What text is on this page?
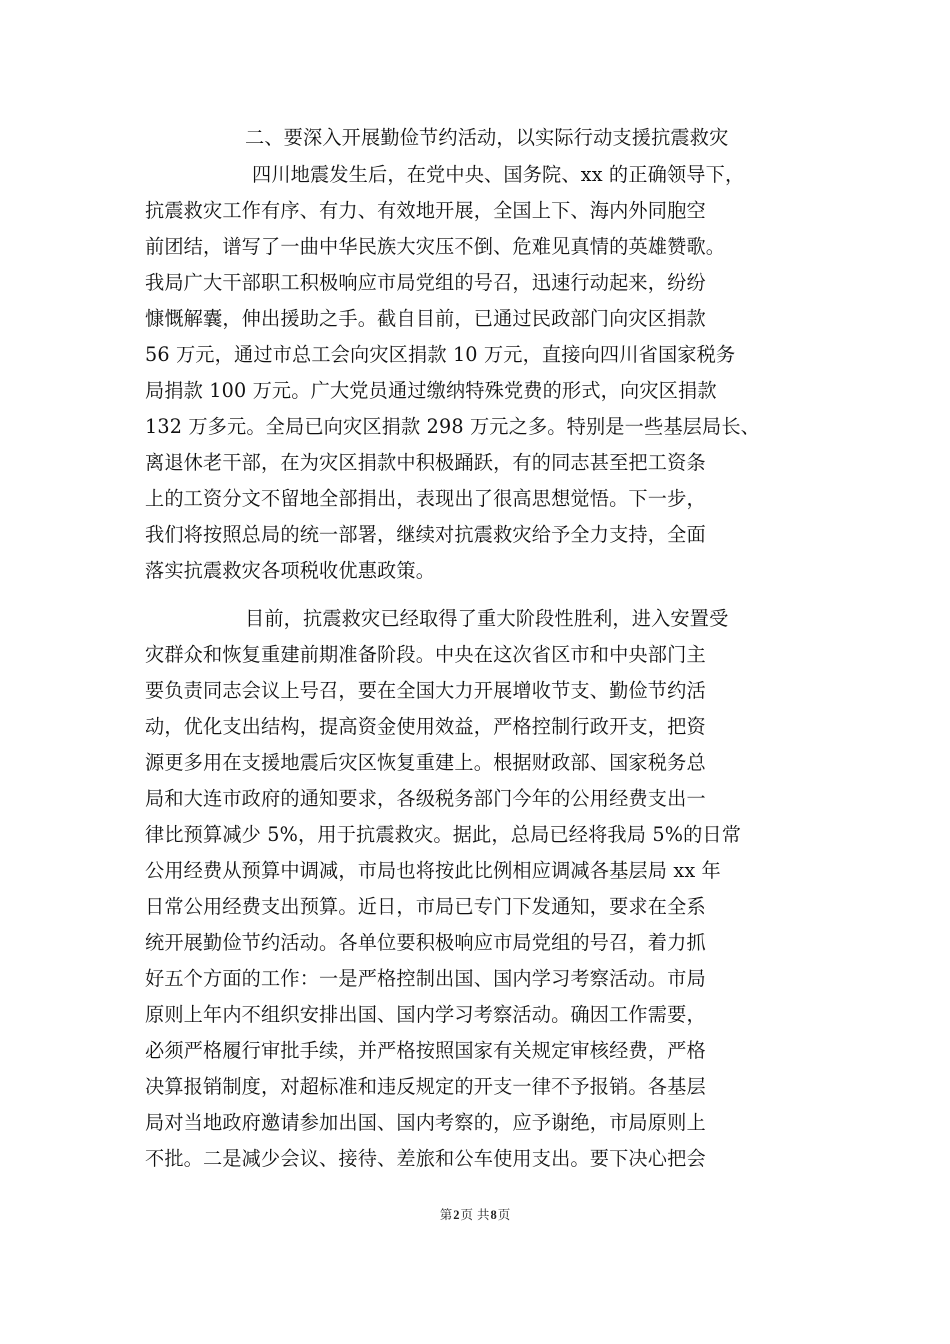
二、要深入开展勤俭节约活动，以实际行动支援抗震救灾
四川地震发生后，在党中央、国务院、xx 的正确领导下，
抗震救灾工作有序、有力、有效地开展，全国上下、海内外同胞空
前团结，谱写了一曲中华民族大灾压不倒、危难见真情的英雄赞歌。
我局广大干部职工积极响应市局党组的号召，迅速行动起来，纷纷
慷慨解囊，伸出援助之手。截自目前，已通过民政部门向灾区捐款
56 万元，通过市总工会向灾区捐款 10 万元，直接向四川省国家税务
局捐款 100 万元。广大党员通过缴纳特殊党费的形式，向灾区捐款
132 万多元。全局已向灾区捐款 298 万元之多。特别是一些基层局长、
离退休老干部，在为灾区捐款中积极踊跃，有的同志甚至把工资条
上的工资分文不留地全部捐出，表现出了很高思想觉悟。下一步，
我们将按照总局的统一部署，继续对抗震救灾给予全力支持，全面
落实抗震救灾各项税收优惠政策。
目前，抗震救灾已经取得了重大阶段性胜利，进入安置受
灾群众和恢复重建前期准备阶段。中央在这次省区市和中央部门主
要负责同志会议上号召，要在全国大力开展增收节支、勤俭节约活
动，优化支出结构，提高资金使用效益，严格控制行政开支，把资
源更多用在支援地震后灾区恢复重建上。根据财政部、国家税务总
局和大连市政府的通知要求，各级税务部门今年的公用经费支出一
律比预算减少 5%，用于抗震救灾。据此，总局已经将我局 5%的日常
公用经费从预算中调减，市局也将按此比例相应调减各基层局 xx 年
日常公用经费支出预算。近日，市局已专门下发通知，要求在全系
统开展勤俭节约活动。各单位要积极响应市局党组的号召，着力抓
好五个方面的工作：一是严格控制出国、国内学习考察活动。市局
原则上年内不组织安排出国、国内学习考察活动。确因工作需要，
必须严格履行审批手续，并严格按照国家有关规定审核经费，严格
决算报销制度，对超标准和违反规定的开支一律不予报销。各基层
局对当地政府邀请参加出国、国内考察的，应予谢绝，市局原则上
不批。二是减少会议、接待、差旅和公车使用支出。要下决心把会
第2页 共8页
